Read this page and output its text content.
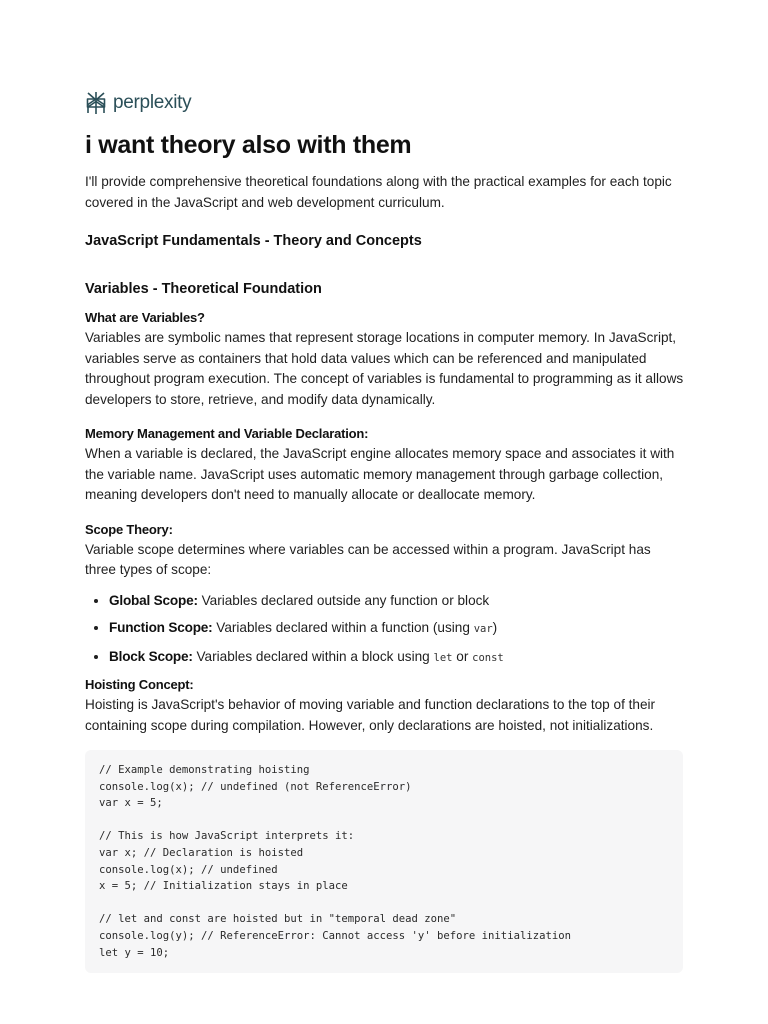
perplexity
i want theory also with them

I'll provide comprehensive theoretical foundations along with the practical examples for each topic covered in the JavaScript and web development curriculum.

JavaScript Fundamentals - Theory and Concepts
Variables - Theoretical Foundation
What are Variables?

Variables are symbolic names that represent storage locations in computer memory. In JavaScript, variables serve as containers that hold data values which can be referenced and manipulated throughout program execution. The concept of variables is fundamental to programming as it allows developers to store, retrieve, and modify data dynamically.

Memory Management and Variable Declaration:

When a variable is declared, the JavaScript engine allocates memory space and associates it with the variable name. JavaScript uses automatic memory management through garbage collection, meaning developers don't need to manually allocate or deallocate memory.

Scope Theory:

Variable scope determines where variables can be accessed within a program. JavaScript has three types of scope:

• Global Scope: Variables declared outside any function or block
• Function Scope: Variables declared within a function (using var)
• Block Scope: Variables declared within a block using let or const
Hoisting Concept:

Hoisting is JavaScript's behavior of moving variable and function declarations to the top of their containing scope during compilation. However, only declarations are hoisted, not initializations.

// Example demonstrating hoisting
console.log(x); // undefined (not ReferenceError)
var x = 5;

// This is how JavaScript interprets it:
var x; // Declaration is hoisted
console.log(x); // undefined
x = 5; // Initialization stays in place

// let and const are hoisted but in "temporal dead zone"
console.log(y); // ReferenceError: Cannot access 'y' before initialization
let y = 10;
